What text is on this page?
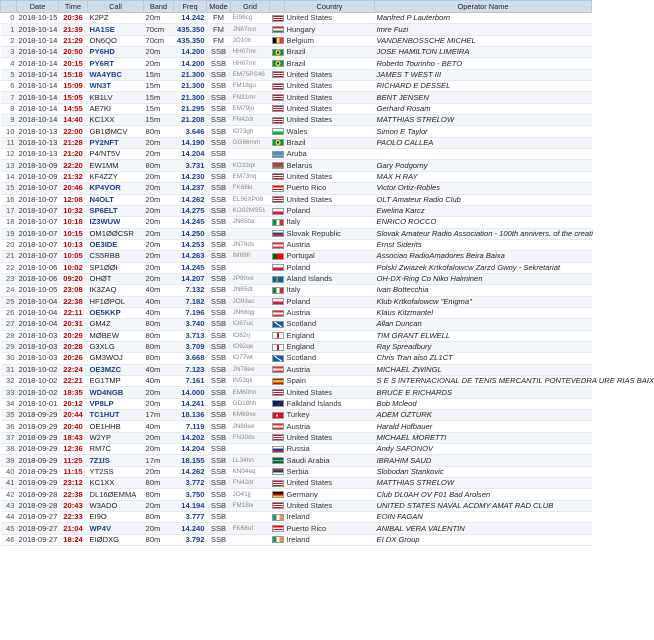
	Date	Time	Call	Band	Freq	Mode	Grid		Country	Operator Name
0	2018-10-15	20:36	K2PZ	20m	14.242	FM	EI96cg		United States	Manfred P Lauterborn
1	2018-10-14	21:39	HA1SE	70cm	435.350	FM	JN87mn		Hungary	Imre Fuzi
2	2018-10-14	21:29	ON6QO	70cm	435.350	FM	JO10lr		Belgium	VANDENBOSSCHE MICHEL
3	2018-10-14	20:50	PY6HD	20m	14.200	SSB	HH07mr		Brazil	JOSE HAMILTON LIMEIRA
4	2018-10-14	20:15	PY6RT	20m	14.200	SSB	HH07mr		Brazil	Roberto Tourinho - BETO
5	2018-10-14	15:18	WA4YBC	15m	21.300	SSB	EM75PS46		United States	JAMES T WEST III
6	2018-10-14	15:09	WN3T	15m	21.300	SSB	FM18gu		United States	RICHARD E DESSEL
7	2018-10-14	15:05	KB1LV	15m	21.300	SSB	FN31mr		United States	BENT JENSEN
8	2018-10-14	14:55	AE7KI	15m	21.295	SSB	EM79jo		United States	Gerhard Rosam
9	2018-10-14	14:40	KC1XX	15m	21.208	SSB	FN42dr		United States	MATTHIAS STRELOW
10	2018-10-13	22:00	GB1ØMCV	80m	3.646	SSB	IO73gh		Wales	Simon E Taylor
11	2018-10-13	21:28	PY2NFT	20m	14.190	SSB	GG66mm		Brazil	PAOLO CALLEA
12	2018-10-13	21:20	P4/NT5V	20m	14.204	SSB			Aruba	
13	2018-10-09	22:20	EW1MM	80m	3.731	SSB	KO33qx		Belarus	Gary Podgorny
14	2018-10-09	21:32	KF4ZZY	20m	14.230	SSB	EM73nq		United States	MAX H RAY
15	2018-10-07	20:46	KP4VOR	20m	14.237	SSB	FK68kl		Puerto Rico	Victor Ortiz-Robles
16	2018-10-07	12:08	N4OLT	20m	14.262	SSB	EL96XP08		United States	OLT Amateur Radio Club
17	2018-10-07	10:32	SP6ELT	20m	14.275	SSB	KO02MS51		Poland	Ewelina Karcz
18	2018-10-07	10:18	IZ3WUW	20m	14.245	SSB	JN65ba		Italy	ENRICO ROCCO
19	2018-10-07	10:15	OM1ØØCSR	20m	14.250	SSB			Slovak Republic	Slovak Amateur Radio Association - 100th annivers. of the creati
20	2018-10-07	10:13	OE3IDE	20m	14.253	SSB	JN78ds		Austria	Ernst Siderits
21	2018-10-07	10:05	CS5RBB	20m	14.263	SSB	IM69fi		Portugal	Associao RadioAmadores Beira Baixa
22	2018-10-06	10:02	SP1ØØI	20m	14.245	SSB			Poland	Polski Zwiazek Krtkofalowcw Zarzd Gwny - Sekretariat
23	2018-10-06	09:20	OHØT	20m	14.207	SSB	JP90xe		Aland Islands	OH-DX-Ring Co Niko Halminen
24	2018-10-05	23:08	IK3ZAQ	40m	7.132	SSB	JN65dt		Italy	Ivan Bottecchia
25	2018-10-04	22:38	HF1ØPOL	40m	7.182	SSB	JO93ac		Poland	Klub Krtkofalowcw "Enigma"
26	2018-10-04	22:11	OE5KKP	40m	7.196	SSB	JN68qg		Austria	Klaus Kitzmantel
27	2018-10-04	20:31	GM4Z	80m	3.740	SSB	IO87uc		Scotland	Allan Duncan
28	2018-10-03	20:29	MØBEW	80m	3.713	SSB	IO82rj		England	TIM GRANT ELWELL
29	2018-10-03	20:28	G3XLG	80m	3.709	SSB	IO92qe		England	Ray Spreadbury
30	2018-10-03	20:26	GM3WOJ	80m	3.668	SSB	IO77wt		Scotland	Chris Tran also ZL1CT
31	2018-10-02	22:24	OE3MZC	40m	7.123	SSB	JN78ee		Austria	MICHAEL ZWINGL
32	2018-10-02	22:21	EG1TMP	40m	7.161	SSB	IN52qk		Spain	S E S INTERNACIONAL DE TENIS MERCANTIL PONTEVEDRA URE RIAS BAIX
33	2018-10-02	18:35	WD4NGB	20m	14.000	SSB	EM60hn		United States	BRUCE E RICHARDS
34	2018-10-01	20:12	VP8LP	20m	14.241	SSB	GD18hh		Falkland Islands	Bob Mcleod
35	2018-09-29	20:44	TC1HUT	17m	18.136	SSB	KM69xe		Turkey	ADEM OZTURK
36	2018-09-29	20:40	OE1HHB	40m	7.119	SSB	JN88ee		Austria	Harald Hofbauer
37	2018-09-29	18:43	W2YP	20m	14.202	SSB	FN30ds		United States	MICHAEL MORETTI
38	2018-09-29	12:36	RM7C	20m	14.204	SSB			Russia	Andy SAFONOV
39	2018-09-29	11:25	7Z1IS	17m	18.155	SSB	LL34hn		Saudi Arabia	IBRAHIM SAUD
40	2018-09-29	11:15	YT2SS	20m	14.262	SSB	KN04eq		Serbia	Slobodan Stankovic
41	2018-09-29	23:12	KC1XX	80m	3.772	SSB	FN42dr		United States	MATTHIAS STRELOW
42	2018-09-28	22:38	DL16ØEMMA	80m	3.750	SSB	JO41jj		Germany	Club DL0AH OV F01 Bad Arolsen
43	2018-09-28	20:43	W3ADO	20m	14.194	SSB	FM18ix		United States	UNITED STATES NAVAL ACDMY AMAT RAD CLUB
44	2018-09-27	22:33	EI9O	80m	3.777	SSB			Ireland	EOIN FAGAN
45	2018-09-27	21:04	WP4V	20m	14.240	SSB	FK68uf		Puerto Rico	ANIBAL VERA VALENTIN
46	2018-09-27	18:24	EIØDXG	80m	3.792	SSB			Ireland	EI DX Group
